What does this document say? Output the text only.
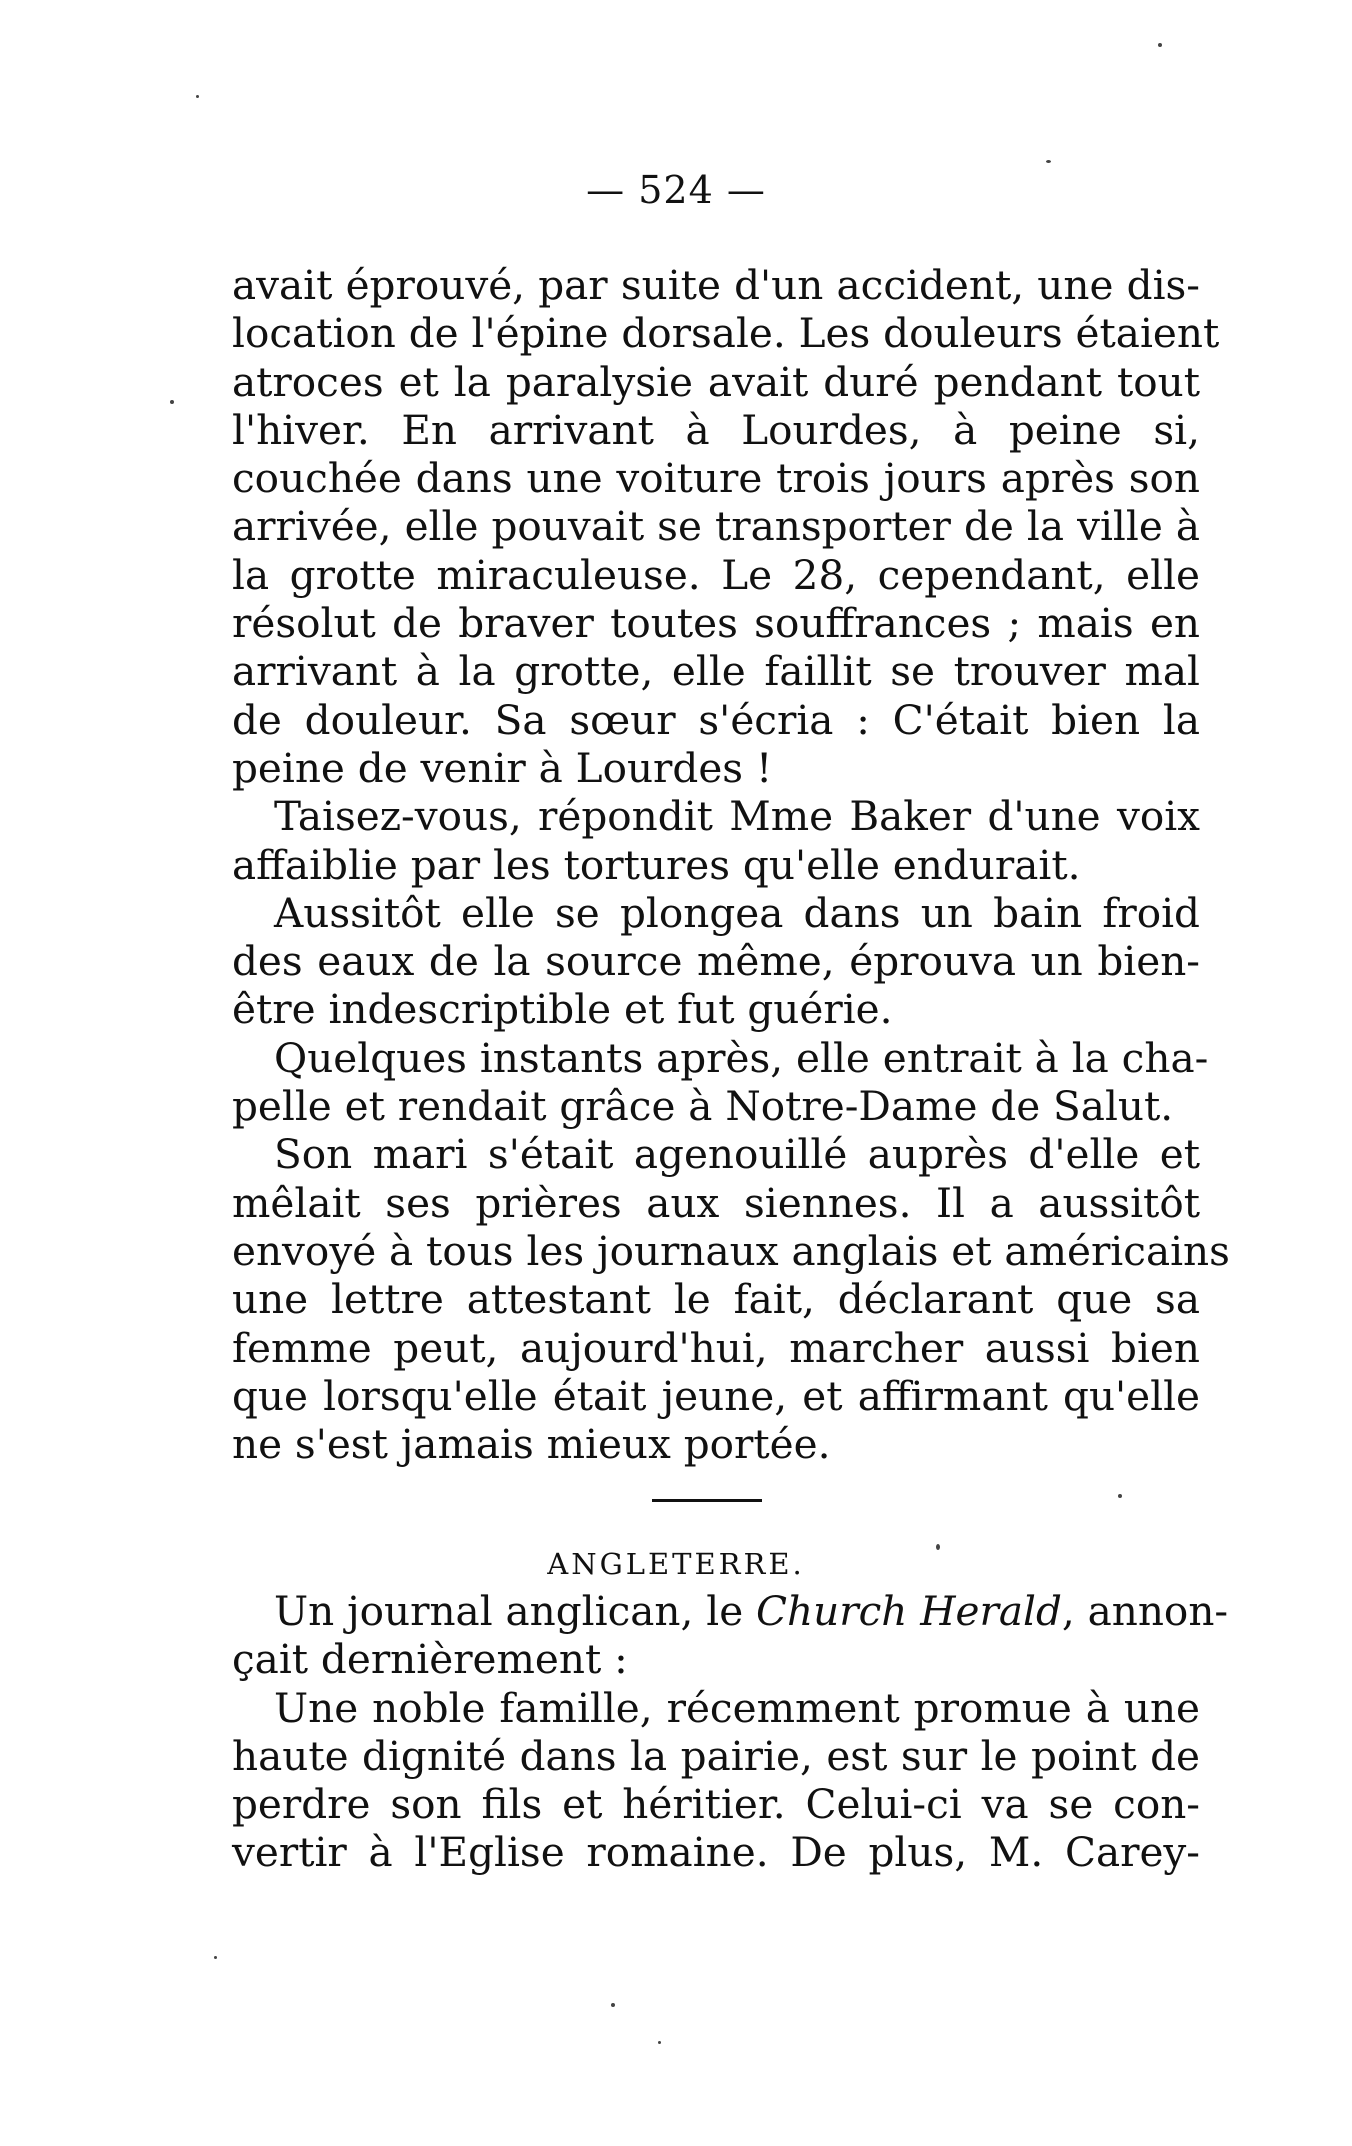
— 524 —
avait éprouvé, par suite d'un accident, une dis-
location de l'épine dorsale. Les douleurs étaient
atroces et la paralysie avait duré pendant tout
l'hiver. En arrivant à Lourdes, à peine si,
couchée dans une voiture trois jours après son
arrivée, elle pouvait se transporter de la ville à
la grotte miraculeuse. Le 28, cependant, elle
résolut de braver toutes souffrances ; mais en
arrivant à la grotte, elle faillit se trouver mal
de douleur. Sa sœur s'écria : C'était bien la
peine de venir à Lourdes !
Taisez-vous, répondit Mme Baker d'une voix
affaiblie par les tortures qu'elle endurait.
Aussitôt elle se plongea dans un bain froid
des eaux de la source même, éprouva un bien-
être indescriptible et fut guérie.
Quelques instants après, elle entrait à la cha-
pelle et rendait grâce à Notre-Dame de Salut.
Son mari s'était agenouillé auprès d'elle et
mêlait ses prières aux siennes. Il a aussitôt
envoyé à tous les journaux anglais et américains
une lettre attestant le fait, déclarant que sa
femme peut, aujourd'hui, marcher aussi bien
que lorsqu'elle était jeune, et affirmant qu'elle
ne s'est jamais mieux portée.
ANGLETERRE.
Un journal anglican, le Church Herald, annon-
çait dernièrement :
Une noble famille, récemment promue à une
haute dignité dans la pairie, est sur le point de
perdre son fils et héritier. Celui-ci va se con-
vertir à l'Eglise romaine. De plus, M. Carey-
